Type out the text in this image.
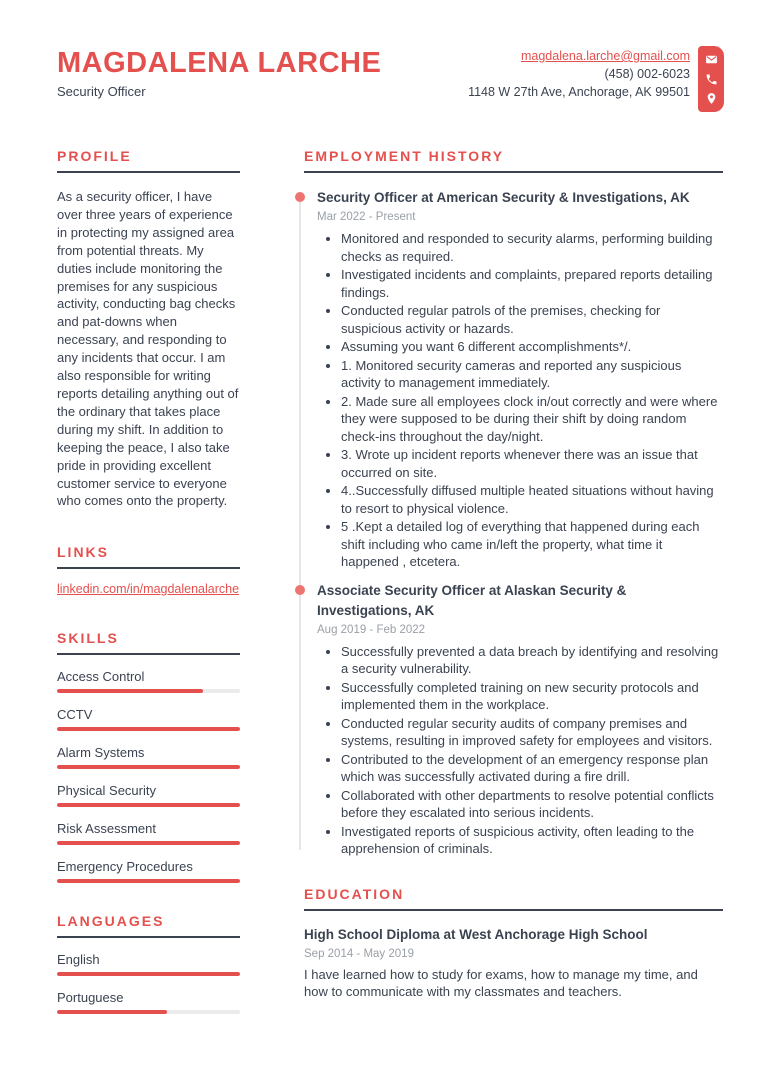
MAGDALENA LARCHE
Security Officer
magdalena.larche@gmail.com
(458) 002-6023
1148 W 27th Ave, Anchorage, AK 99501
PROFILE
As a security officer, I have over three years of experience in protecting my assigned area from potential threats. My duties include monitoring the premises for any suspicious activity, conducting bag checks and pat-downs when necessary, and responding to any incidents that occur. I am also responsible for writing reports detailing anything out of the ordinary that takes place during my shift. In addition to keeping the peace, I also take pride in providing excellent customer service to everyone who comes onto the property.
LINKS
linkedin.com/in/magdalenalarche
SKILLS
Access Control
CCTV
Alarm Systems
Physical Security
Risk Assessment
Emergency Procedures
LANGUAGES
English
Portuguese
EMPLOYMENT HISTORY
Security Officer at American Security & Investigations, AK
Mar 2022 - Present
• Monitored and responded to security alarms, performing building checks as required.
• Investigated incidents and complaints, prepared reports detailing findings.
• Conducted regular patrols of the premises, checking for suspicious activity or hazards.
• Assuming you want 6 different accomplishments*/.
• 1. Monitored security cameras and reported any suspicious activity to management immediately.
• 2. Made sure all employees clock in/out correctly and were where they were supposed to be during their shift by doing random check-ins throughout the day/night.
• 3. Wrote up incident reports whenever there was an issue that occurred on site.
• 4..Successfully diffused multiple heated situations without having to resort to physical violence.
• 5 .Kept a detailed log of everything that happened during each shift including who came in/left the property, what time it happened , etcetera.
Associate Security Officer at Alaskan Security & Investigations, AK
Aug 2019 - Feb 2022
• Successfully prevented a data breach by identifying and resolving a security vulnerability.
• Successfully completed training on new security protocols and implemented them in the workplace.
• Conducted regular security audits of company premises and systems, resulting in improved safety for employees and visitors.
• Contributed to the development of an emergency response plan which was successfully activated during a fire drill.
• Collaborated with other departments to resolve potential conflicts before they escalated into serious incidents.
• Investigated reports of suspicious activity, often leading to the apprehension of criminals.
EDUCATION
High School Diploma at West Anchorage High School
Sep 2014 - May 2019
I have learned how to study for exams, how to manage my time, and how to communicate with my classmates and teachers.
